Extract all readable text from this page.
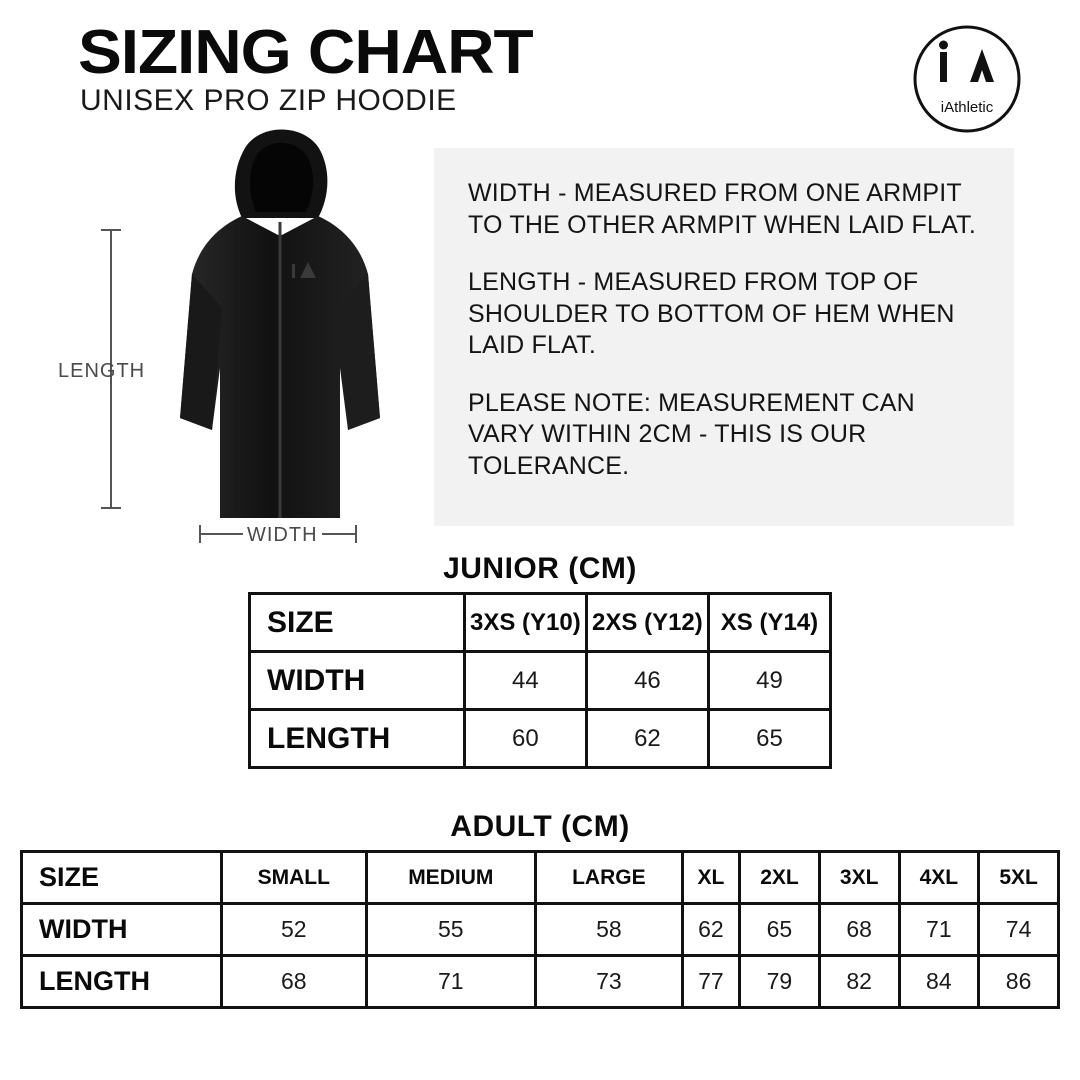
SIZING CHART
UNISEX PRO ZIP HOODIE	iAthletic
LENGTH
WIDTH

WIDTH - MEASURED FROM ONE ARMPIT TO THE OTHER ARMPIT WHEN LAID FLAT.

LENGTH - MEASURED FROM TOP OF SHOULDER TO BOTTOM OF HEM WHEN LAID FLAT.

PLEASE NOTE: MEASUREMENT CAN VARY WITHIN 2CM - THIS IS OUR TOLERANCE.

JUNIOR (CM)
SIZE	3XS (Y10)	2XS (Y12)	XS (Y14)
WIDTH	44	46	49
LENGTH	60	62	65
ADULT (CM)
SIZE	SMALL	MEDIUM	LARGE	XL	2XL	3XL	4XL	5XL
WIDTH	52	55	58	62	65	68	71	74
LENGTH	68	71	73	77	79	82	84	86
